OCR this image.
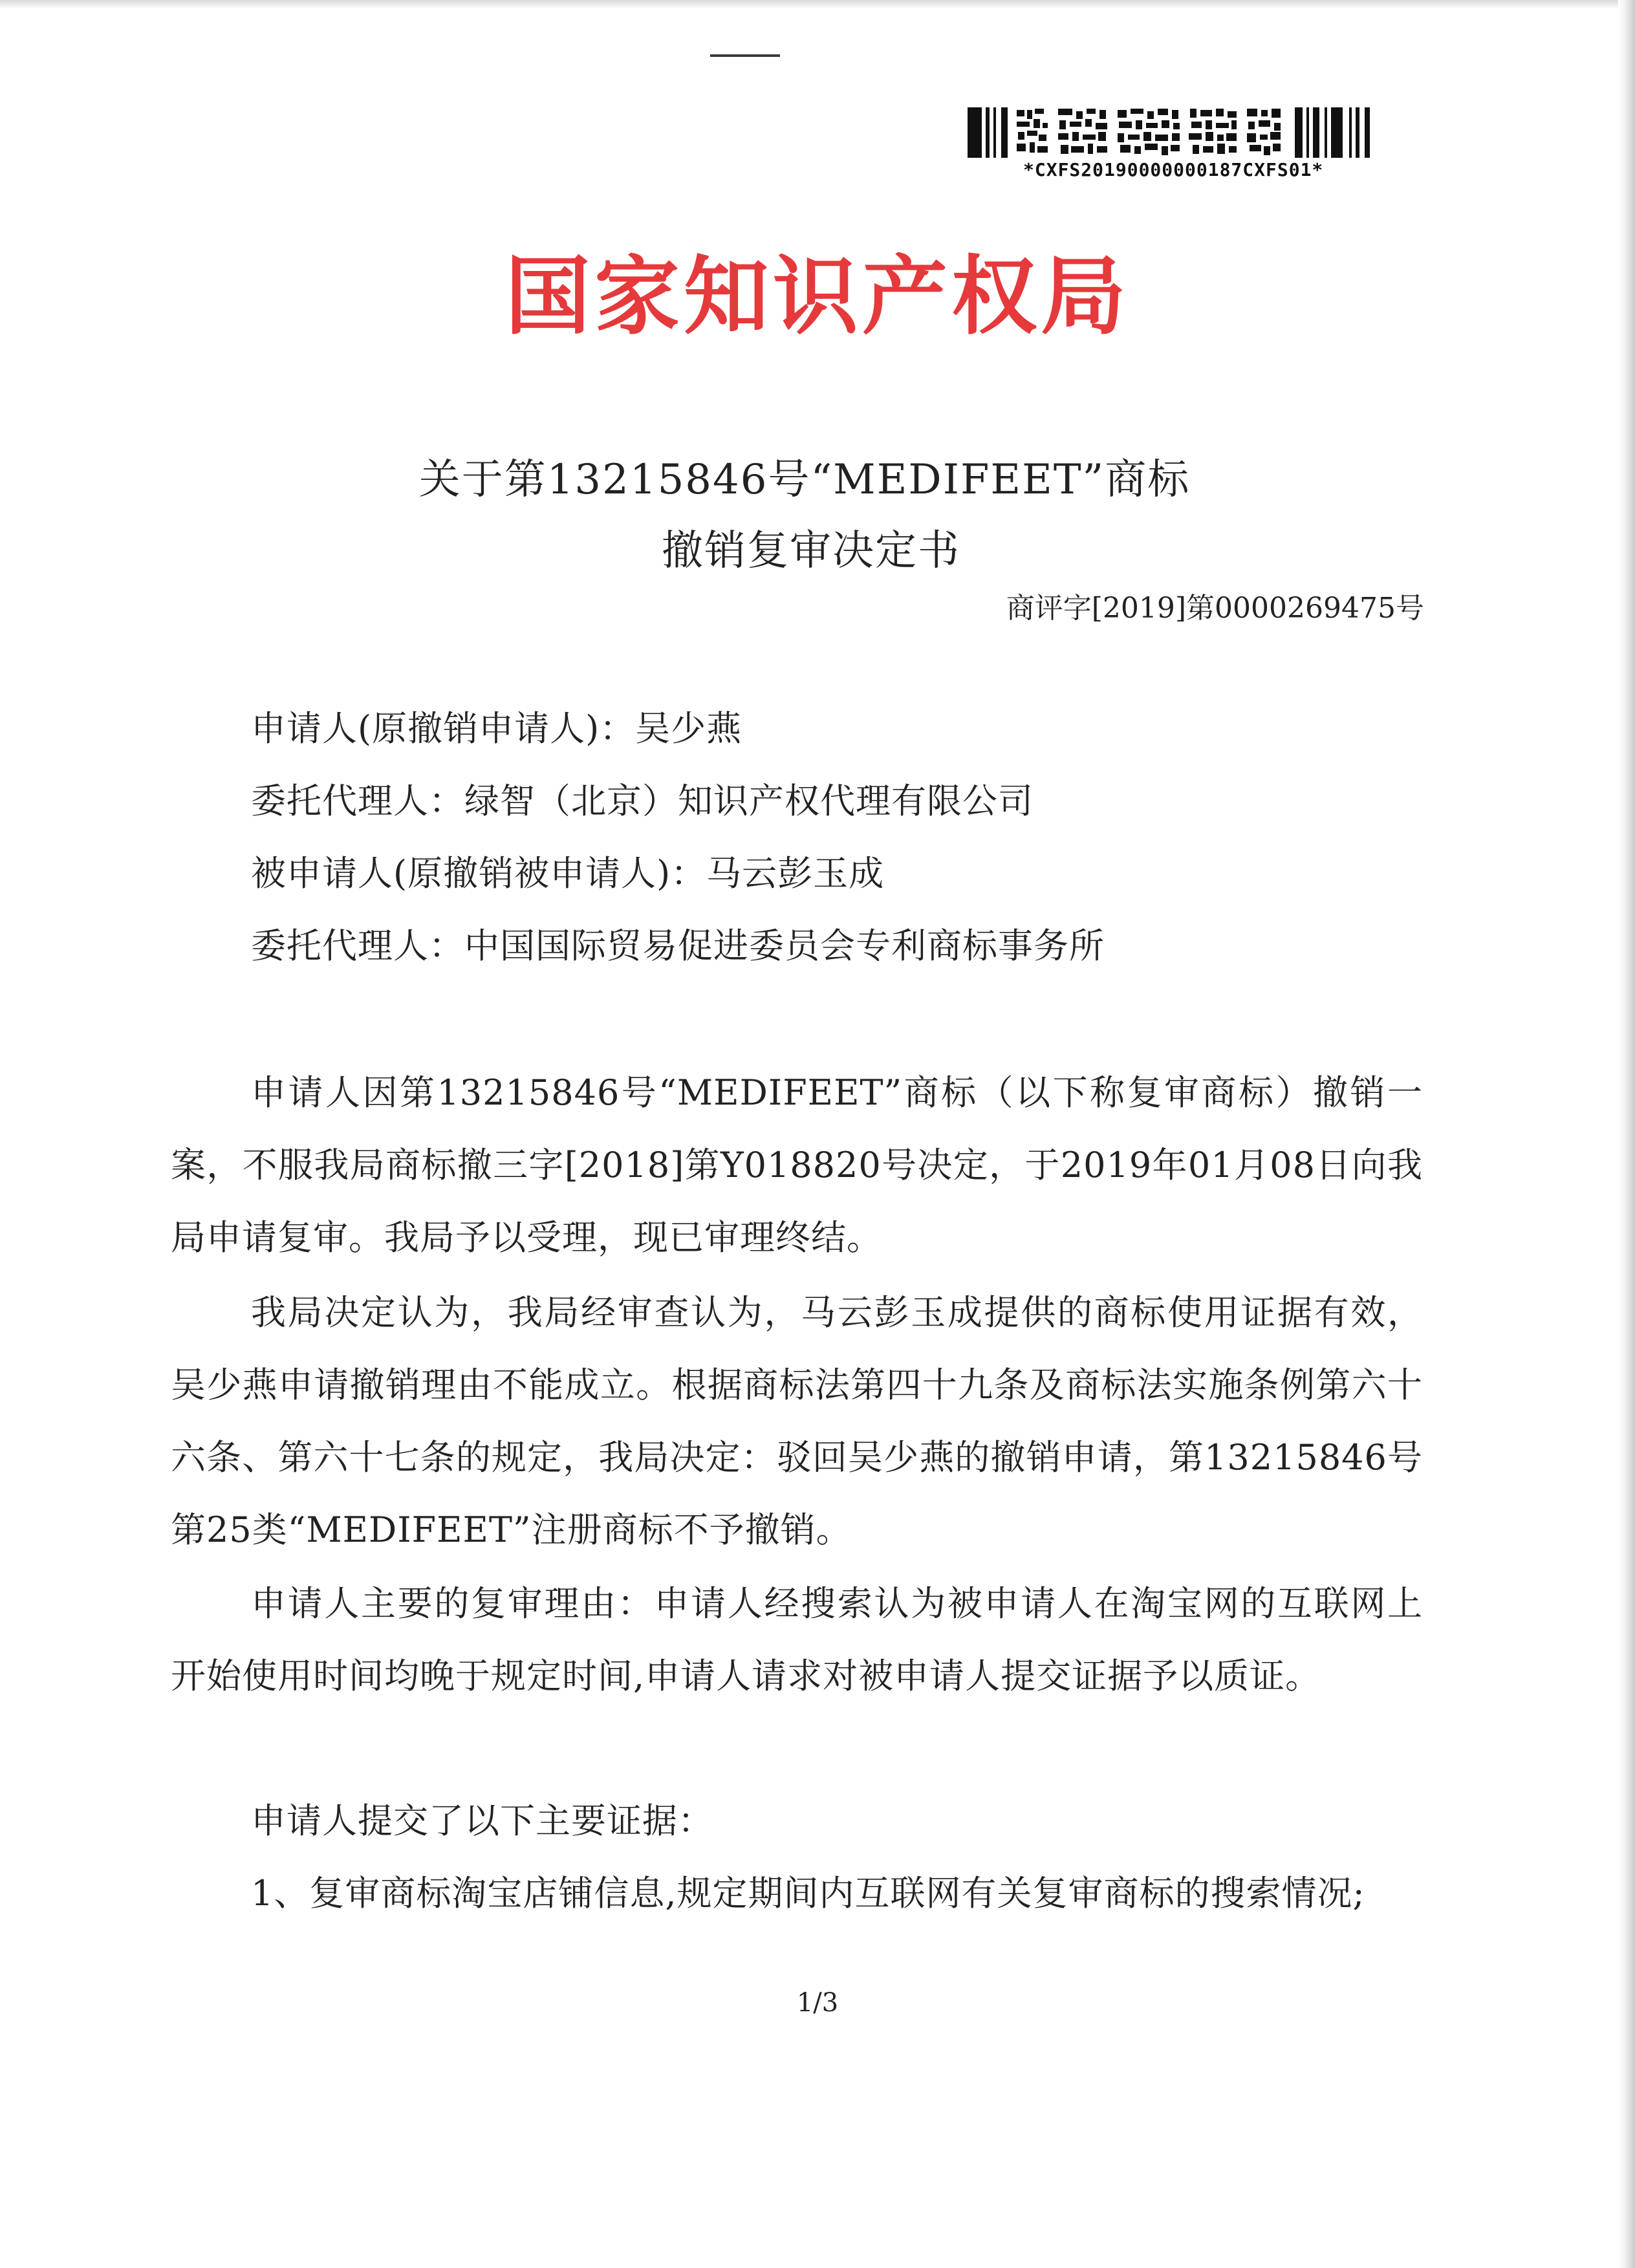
*CXFS20190000000187CXFS01*
国家知识产权局
关于第13215846号“MEDIFEET”商标
撤销复审决定书
商评字[2019]第0000269475号
申请人(原撤销申请人)：吴少燕
委托代理人：绿智（北京）知识产权代理有限公司
被申请人(原撤销被申请人)：马云彭玉成
委托代理人：中国国际贸易促进委员会专利商标事务所
申请人因第13215846号“MEDIFEET”商标（以下称复审商标）撤销一案，不服我局商标撤三字[2018]第Y018820号决定，于2019年01月08日向我局申请复审。我局予以受理，现已审理终结。
我局决定认为，我局经审查认为，马云彭玉成提供的商标使用证据有效，吴少燕申请撤销理由不能成立。根据商标法第四十九条及商标法实施条例第六十六条、第六十七条的规定，我局决定：驳回吴少燕的撤销申请，第13215846号第25类“MEDIFEET”注册商标不予撤销。
申请人主要的复审理由：申请人经搜索认为被申请人在淘宝网的互联网上开始使用时间均晚于规定时间,申请人请求对被申请人提交证据予以质证。
申请人提交了以下主要证据：
1、复审商标淘宝店铺信息,规定期间内互联网有关复审商标的搜索情况;
1/3
